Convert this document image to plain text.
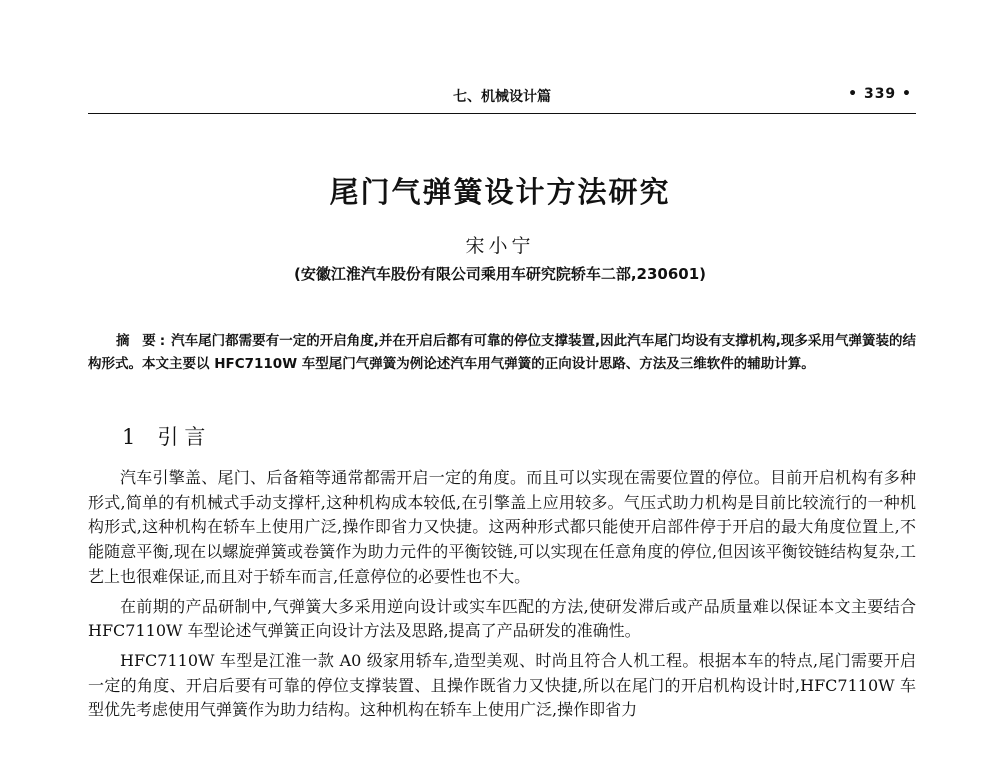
七、机械设计篇	• 339 •
尾门气弹簧设计方法研究
宋小宁
(安徽江淮汽车股份有限公司乘用车研究院轿车二部,230601)
摘 要: 汽车尾门都需要有一定的开启角度,并在开启后都有可靠的停位支撑装置,因此汽车尾门均设有支撑机构,现多采用气弹簧装的结构形式。本文主要以 HFC7110W 车型尾门气弹簧为例论述汽车用气弹簧的正向设计思路、方法及三维软件的辅助计算。
1 引言

汽车引擎盖、尾门、后备箱等通常都需开启一定的角度。而且可以实现在需要位置的停位。目前开启机构有多种形式,简单的有机械式手动支撑杆,这种机构成本较低,在引擎盖上应用较多。气压式助力机构是目前比较流行的一种机构形式,这种机构在轿车上使用广泛,操作即省力又快捷。这两种形式都只能使开启部件停于开启的最大角度位置上,不能随意平衡,现在以螺旋弹簧或卷簧作为助力元件的平衡铰链,可以实现在任意角度的停位,但因该平衡铰链结构复杂,工艺上也很难保证,而且对于轿车而言,任意停位的必要性也不大。

在前期的产品研制中,气弹簧大多采用逆向设计或实车匹配的方法,使研发滞后或产品质量难以保证本文主要结合 HFC7110W 车型论述气弹簧正向设计方法及思路,提高了产品研发的准确性。

HFC7110W 车型是江淮一款 A0 级家用轿车,造型美观、时尚且符合人机工程。根据本车的特点,尾门需要开启一定的角度、开启后要有可靠的停位支撑装置、且操作既省力又快捷,所以在尾门的开启机构设计时,HFC7110W 车型优先考虑使用气弹簧作为助力结构。这种机构在轿车上使用广泛,操作即省力
